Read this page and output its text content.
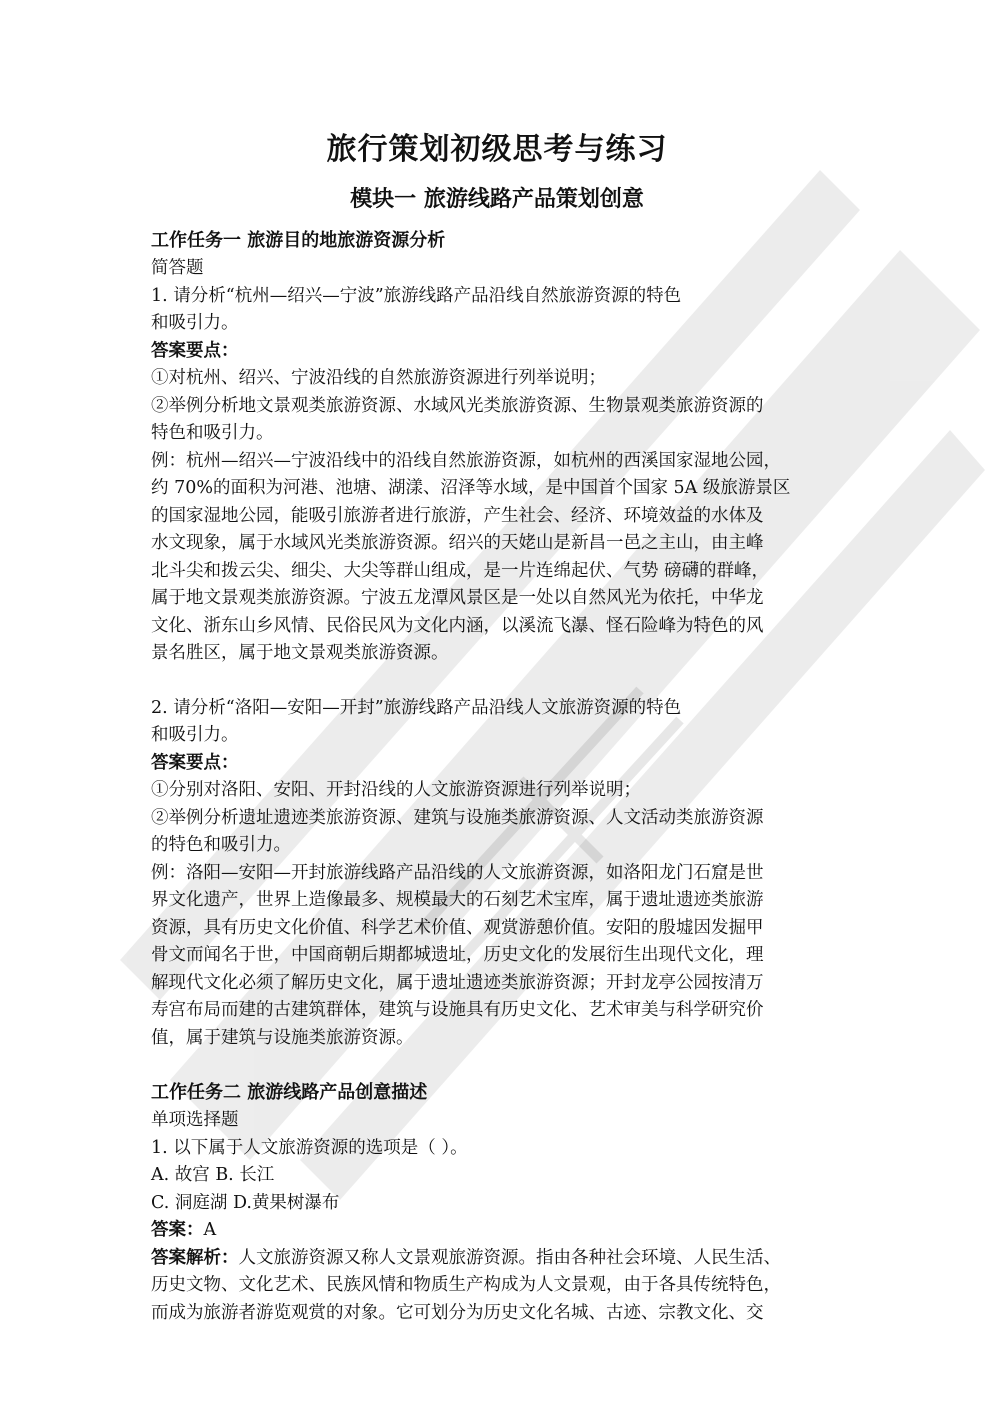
旅行策划初级思考与练习
模块一 旅游线路产品策划创意
工作任务一 旅游目的地旅游资源分析
简答题
1. 请分析“杭州—绍兴—宁波”旅游线路产品沿线自然旅游资源的特色
和吸引力。
答案要点：
①对杭州、绍兴、宁波沿线的自然旅游资源进行列举说明；
②举例分析地文景观类旅游资源、水域风光类旅游资源、生物景观类旅游资源的
特色和吸引力。
例：杭州—绍兴—宁波沿线中的沿线自然旅游资源，如杭州的西溪国家湿地公园，
约 70%的面积为河港、池塘、湖漾、沼泽等水域，是中国首个国家 5A 级旅游景区
的国家湿地公园，能吸引旅游者进行旅游，产生社会、经济、环境效益的水体及
水文现象，属于水域风光类旅游资源。绍兴的天姥山是新昌一邑之主山，由主峰
北斗尖和拨云尖、细尖、大尖等群山组成，是一片连绵起伏、气势 磅礴的群峰，
属于地文景观类旅游资源。宁波五龙潭风景区是一处以自然风光为依托，中华龙
文化、浙东山乡风情、民俗民风为文化内涵，以溪流飞瀑、怪石险峰为特色的风
景名胜区，属于地文景观类旅游资源。
2. 请分析“洛阳—安阳—开封”旅游线路产品沿线人文旅游资源的特色
和吸引力。
答案要点：
①分别对洛阳、安阳、开封沿线的人文旅游资源进行列举说明；
②举例分析遗址遗迹类旅游资源、建筑与设施类旅游资源、人文活动类旅游资源
的特色和吸引力。
例：洛阳—安阳—开封旅游线路产品沿线的人文旅游资源，如洛阳龙门石窟是世
界文化遗产，世界上造像最多、规模最大的石刻艺术宝库，属于遗址遗迹类旅游
资源，具有历史文化价值、科学艺术价值、观赏游憩价值。安阳的殷墟因发掘甲
骨文而闻名于世，中国商朝后期都城遗址，历史文化的发展衍生出现代文化，理
解现代文化必须了解历史文化，属于遗址遗迹类旅游资源；开封龙亭公园按清万
寿宫布局而建的古建筑群体，建筑与设施具有历史文化、艺术审美与科学研究价
值，属于建筑与设施类旅游资源。
工作任务二 旅游线路产品创意描述
单项选择题
1. 以下属于人文旅游资源的选项是（ ）。
A. 故宫 B. 长江
C. 洞庭湖 D.黄果树瀑布
答案：A
答案解析：人文旅游资源又称人文景观旅游资源。指由各种社会环境、人民生活、
历史文物、文化艺术、民族风情和物质生产构成为人文景观，由于各具传统特色，
而成为旅游者游览观赏的对象。它可划分为历史文化名城、古迹、宗教文化、交
